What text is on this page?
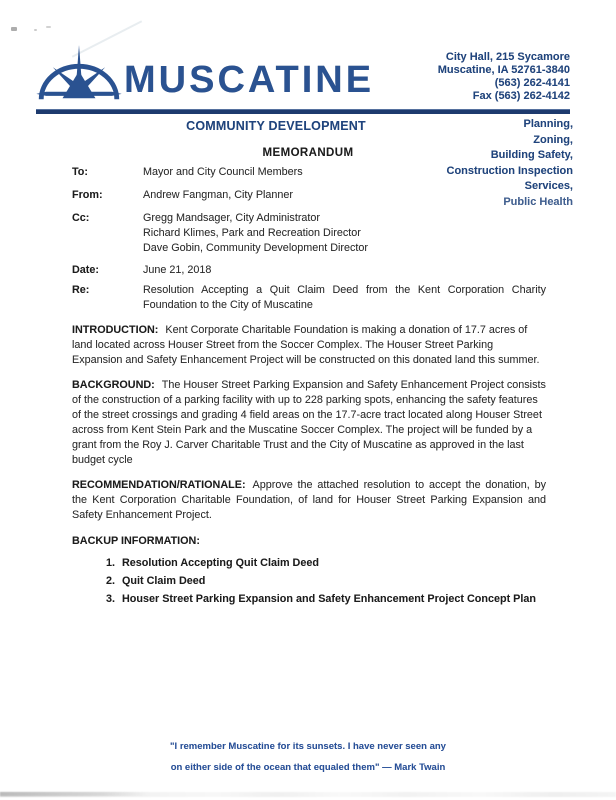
MUSCATINE
City Hall, 215 Sycamore
Muscatine, IA 52761-3840
(563) 262-4141
Fax (563) 262-4142
COMMUNITY DEVELOPMENT	Planning,
Zoning,
Building Safety,
Construction Inspection
Services,
Public Health
MEMORANDUM
To:	Mayor and City Council Members
From:	Andrew Fangman, City Planner
Cc:	Gregg Mandsager, City Administrator
Richard Klimes, Park and Recreation Director
Dave Gobin, Community Development Director
Date:	June 21, 2018
Re:	Resolution Accepting a Quit Claim Deed from the Kent Corporation Charity Foundation to the City of Muscatine

INTRODUCTION: Kent Corporate Charitable Foundation is making a donation of 17.7 acres of land located across Houser Street from the Soccer Complex. The Houser Street Parking Expansion and Safety Enhancement Project will be constructed on this donated land this summer.

BACKGROUND: The Houser Street Parking Expansion and Safety Enhancement Project consists of the construction of a parking facility with up to 228 parking spots, enhancing the safety features of the street crossings and grading 4 field areas on the 17.7-acre tract located along Houser Street across from Kent Stein Park and the Muscatine Soccer Complex. The project will be funded by a grant from the Roy J. Carver Charitable Trust and the City of Muscatine as approved in the last budget cycle

RECOMMENDATION/RATIONALE: Approve the attached resolution to accept the donation, by the Kent Corporation Charitable Foundation, of land for Houser Street Parking Expansion and Safety Enhancement Project.

BACKUP INFORMATION:
1. Resolution Accepting Quit Claim Deed
2. Quit Claim Deed
3. Houser Street Parking Expansion and Safety Enhancement Project Concept Plan
"I remember Muscatine for its sunsets. I have never seen any
on either side of the ocean that equaled them" — Mark Twain
